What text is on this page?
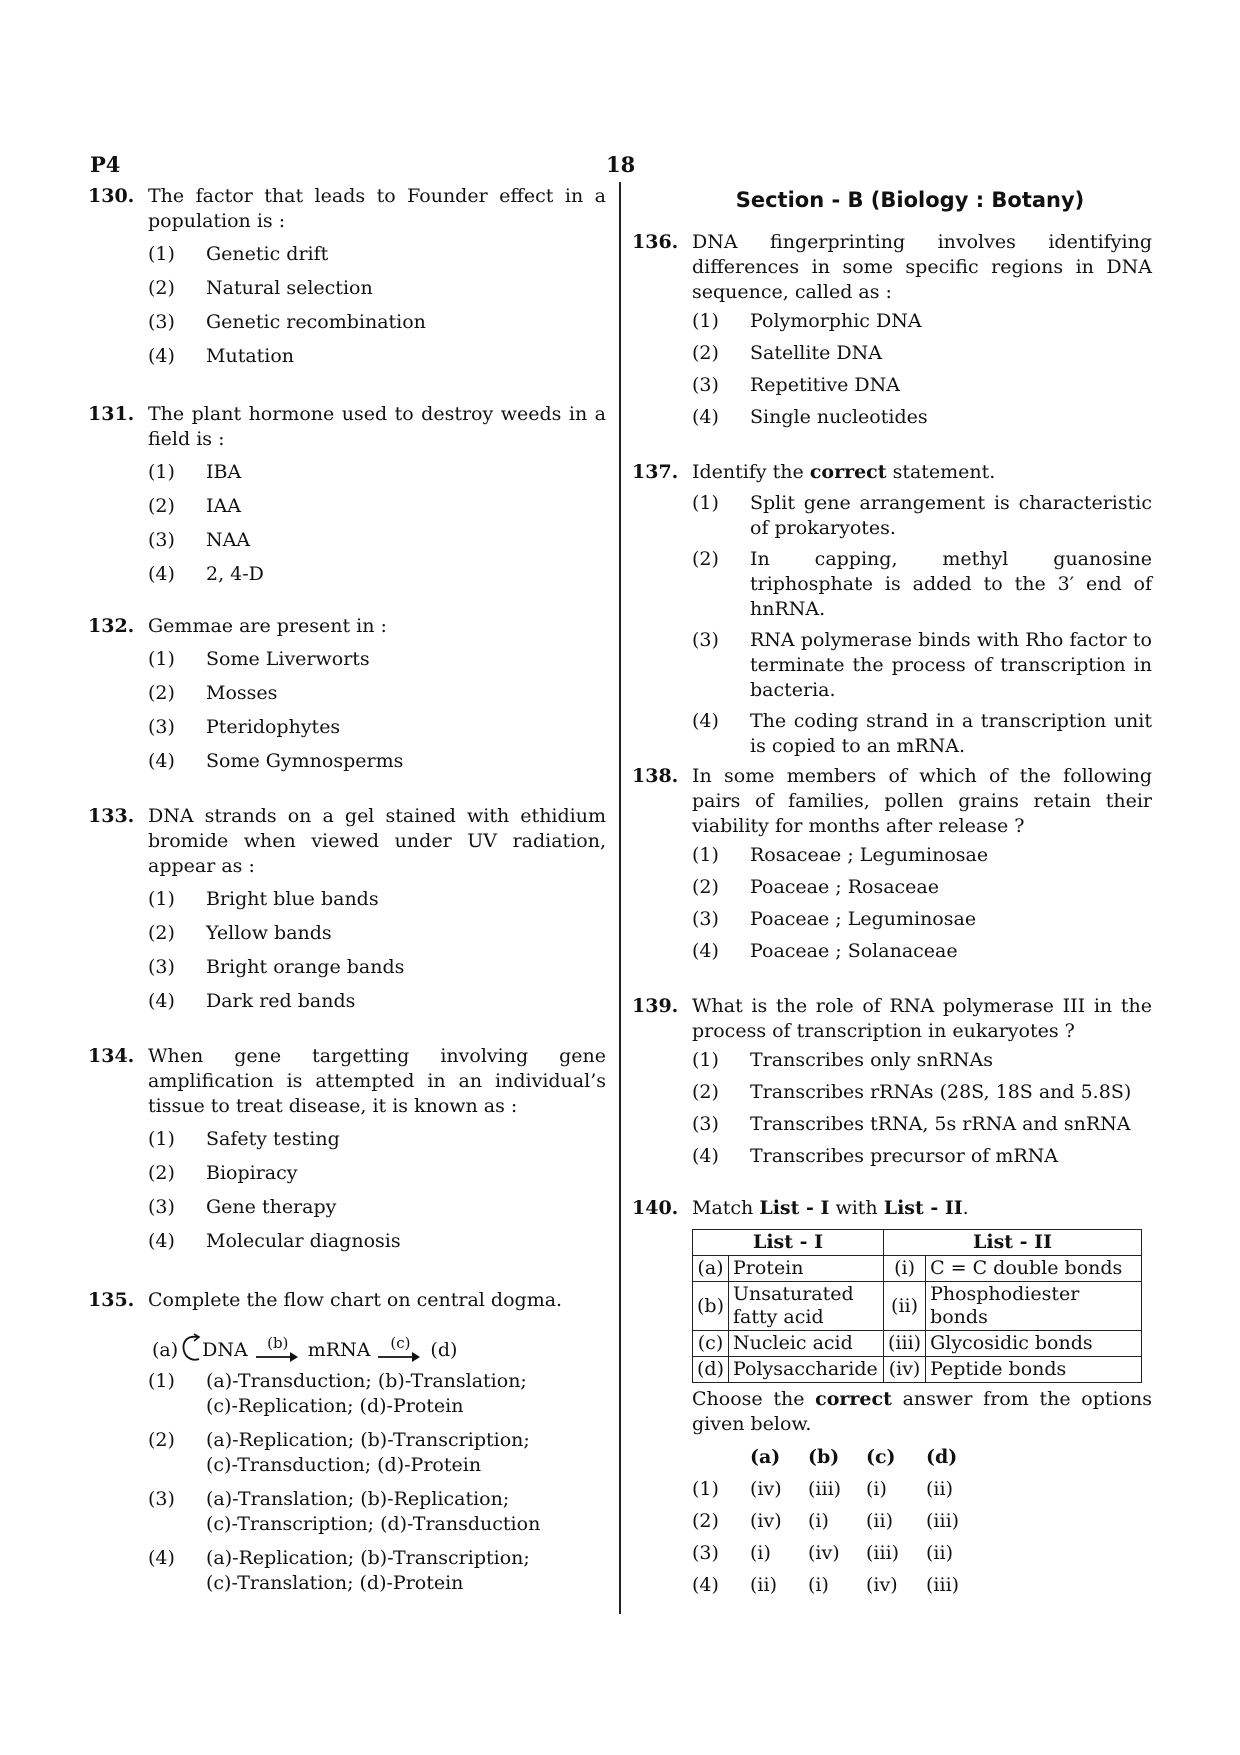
P4	18
130. The factor that leads to Founder effect in a population is :
(1) Genetic drift
(2) Natural selection
(3) Genetic recombination
(4) Mutation
131. The plant hormone used to destroy weeds in a field is :
(1) IBA
(2) IAA
(3) NAA
(4) 2, 4-D
132. Gemmae are present in :
(1) Some Liverworts
(2) Mosses
(3) Pteridophytes
(4) Some Gymnosperms
133. DNA strands on a gel stained with ethidium bromide when viewed under UV radiation, appear as :
(1) Bright blue bands
(2) Yellow bands
(3) Bright orange bands
(4) Dark red bands
134. When gene targetting involving gene amplification is attempted in an individual’s tissue to treat disease, it is known as :
(1) Safety testing
(2) Biopiracy
(3) Gene therapy
(4) Molecular diagnosis
135. Complete the flow chart on central dogma.
(a) DNA (b) mRNA (c) (d)
(1) (a)-Transduction; (b)-Translation;
(c)-Replication; (d)-Protein
(2) (a)-Replication; (b)-Transcription;
(c)-Transduction; (d)-Protein
(3) (a)-Translation; (b)-Replication;
(c)-Transcription; (d)-Transduction
(4) (a)-Replication; (b)-Transcription;
(c)-Translation; (d)-Protein
Section - B (Biology : Botany)
136. DNA fingerprinting involves identifying differences in some specific regions in DNA sequence, called as :
(1) Polymorphic DNA
(2) Satellite DNA
(3) Repetitive DNA
(4) Single nucleotides
137. Identify the correct statement.
(1) Split gene arrangement is characteristic of prokaryotes.
(2) In capping, methyl guanosine triphosphate is added to the 3′ end of hnRNA.
(3) RNA polymerase binds with Rho factor to terminate the process of transcription in bacteria.
(4) The coding strand in a transcription unit is copied to an mRNA.
138. In some members of which of the following pairs of families, pollen grains retain their viability for months after release ?
(1) Rosaceae ; Leguminosae
(2) Poaceae ; Rosaceae
(3) Poaceae ; Leguminosae
(4) Poaceae ; Solanaceae
139. What is the role of RNA polymerase III in the process of transcription in eukaryotes ?
(1) Transcribes only snRNAs
(2) Transcribes rRNAs (28S, 18S and 5.8S)
(3) Transcribes tRNA, 5s rRNA and snRNA
(4) Transcribes precursor of mRNA
140. Match List - I with List - II.
List - I		List - II	
(a)	Protein	(i)	C = C double bonds
(b)	Unsaturated fatty acid	(ii)	Phosphodiester bonds
(c)	Nucleic acid	(iii)	Glycosidic bonds
(d)	Polysaccharide	(iv)	Peptide bonds
Choose the correct answer from the options given below.
(a)	(b)	(c)	(d)
(1)	(iv)	(iii)	(i)	(ii)
(2)	(iv)	(i)	(ii)	(iii)
(3)	(i)	(iv)	(iii)	(ii)
(4)	(ii)	(i)	(iv)	(iii)
